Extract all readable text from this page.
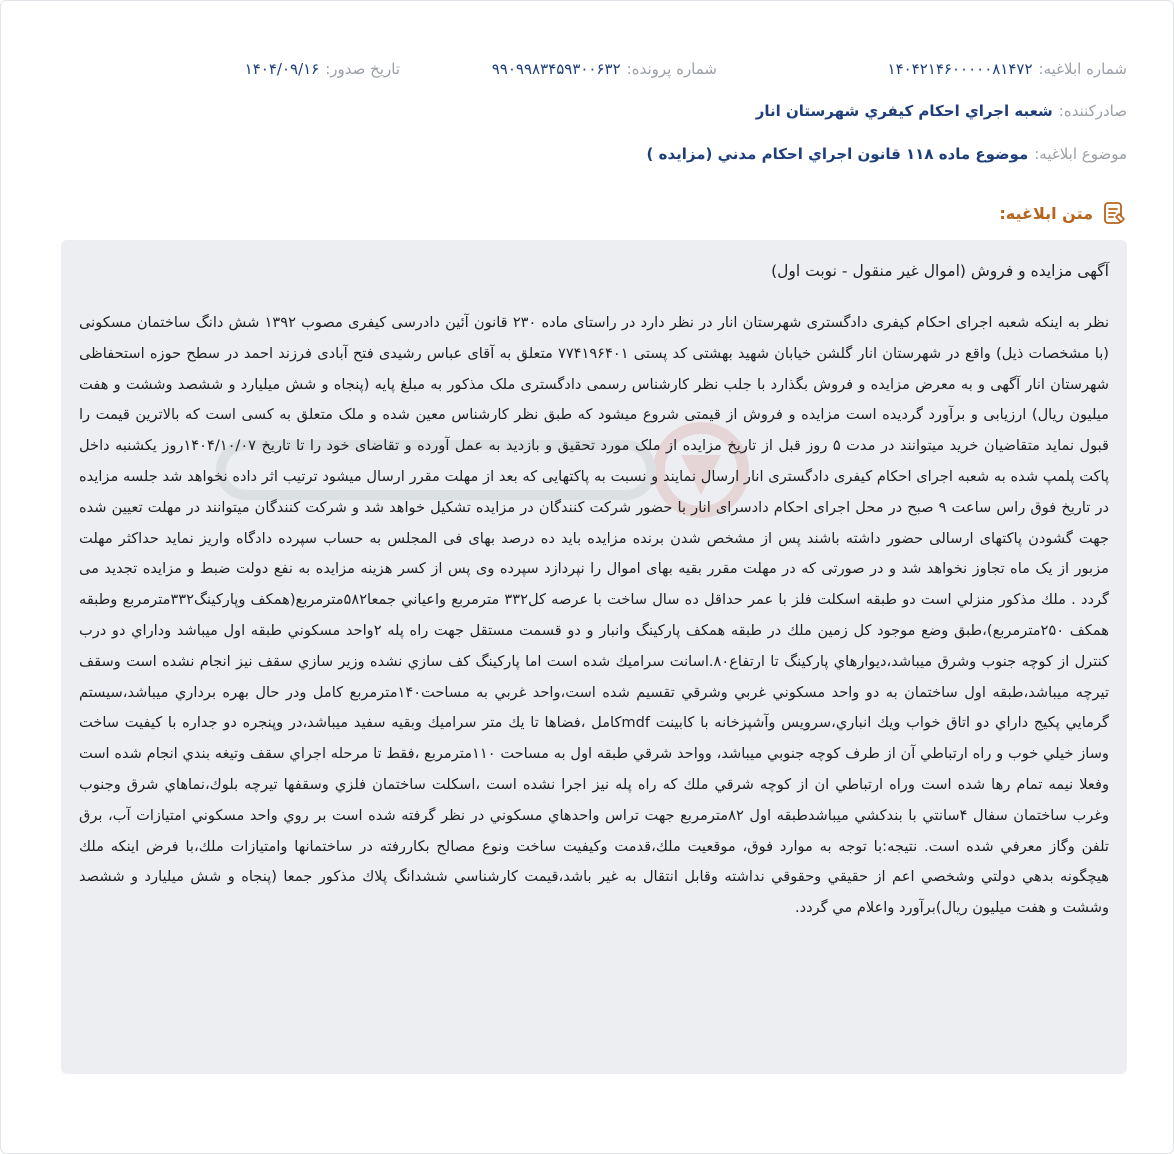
شماره ابلاغیه:
۱۴۰۴۲۱۴۶۰۰۰۰۰۸۱۴۷۲
شماره پرونده:
۹۹۰۹۹۸۳۴۵۹۳۰۰۶۳۲
تاریخ صدور:
۱۴۰۴/۰۹/۱۶
صادرکننده:
شعبه اجراي احكام كيفري شهرستان انار
موضوع ابلاغیه:
موضوع ماده ۱۱۸ قانون اجراي احكام مدني (مزايده )
متن ابلاغیه:
آگهی مزایده و فروش (اموال غیر منقول - نوبت اول)
نظر به اینکه شعبه اجرای احکام کیفری دادگستری شهرستان انار در نظر دارد در راستای ماده ۲۳۰ قانون آئین دادرسی کیفری مصوب ۱۳۹۲ شش دانگ ساختمان مسکونی (با مشخصات ذیل) واقع در شهرستان انار گلشن خیابان شهید بهشتی کد پستی ۷۷۴۱۹۶۴۰۱ متعلق به آقای عباس رشیدی فتح آبادی فرزند احمد در سطح حوزه استحفاظی شهرستان انار آگهی و به معرض مزایده و فروش بگذارد با جلب نظر کارشناس رسمی دادگستری ملک مذکور به مبلغ پایه (پنجاه و شش میلیارد و ششصد وششت و هفت میلیون ریال) ارزیابی و برآورد گردیده است مزایده و فروش از قیمتی شروع میشود که طبق نظر کارشناس معین شده و ملک متعلق به کسی است که بالاترین قیمت را قبول نماید متقاضیان خرید میتوانند در مدت ۵ روز قبل از تاریخ مزایده از ملک مورد تحقیق و بازدید به عمل آورده و تقاضای خود را تا تاریخ ۱۴۰۴/۱۰/۰۷روز یکشنبه داخل پاکت پلمپ شده به شعبه اجرای احکام کیفری دادگستری انار ارسال نمایند و نسبت به پاکتهایی که بعد از مهلت مقرر ارسال میشود ترتیب اثر داده نخواهد شد جلسه مزایده در تاریخ فوق راس ساعت ۹ صبح در محل اجرای احکام دادسرای انار با حضور شرکت کنندگان در مزایده تشکیل خواهد شد و شرکت کنندگان میتوانند در مهلت تعیین شده جهت گشودن پاکتهای ارسالی حضور داشته باشند پس از مشخص شدن برنده مزایده باید ده درصد بهای فی المجلس به حساب سپرده دادگاه واریز نماید حداکثر مهلت مزبور از یک ماه تجاوز نخواهد شد و در صورتی که در مهلت مقرر بقیه بهای اموال را نپردازد سپرده وی پس از کسر هزینه مزایده به نفع دولت ضبط و مزایده تجدید می گردد . ملك مذكور منزلي است دو طبقه اسكلت فلز با عمر حداقل ده سال ساخت با عرصه كل۳۳۲ مترمربع واعياني جمعا۵۸۲مترمربع(همكف وپاركينگ۳۳۲مترمربع وطبقه همكف ۲۵۰مترمربع)،طبق وضع موجود كل زمين ملك در طبقه همكف پاركينگ وانبار و دو قسمت مستقل جهت راه پله ۲واحد مسكوني طبقه اول ميباشد وداراي دو درب كنترل از كوچه جنوب وشرق ميباشد،ديوارهاي پاركينگ تا ارتفاع۸۰.اسانت سراميك شده است اما پاركينگ كف سازي نشده وزير سازي سقف نيز انجام نشده است وسقف تيرچه ميباشد،طبقه اول ساختمان به دو واحد مسكوني غربي وشرقي تقسيم شده است،واحد غربي به مساحت۱۴۰مترمربع كامل ودر حال بهره برداري ميباشد،سيستم گرمايي پكيج داراي دو اتاق خواب ويك انباري،سرويس وآشپزخانه با كابينت mdfكامل ،فضاها تا يك متر سراميك وبقيه سفيد ميباشد،در وپنجره دو جداره با كيفيت ساخت وساز خيلي خوب و راه ارتباطي آن از طرف كوچه جنوبي ميباشد، وواحد شرقي طبقه اول به مساحت ۱۱۰مترمربع ،فقط تا مرحله اجراي سقف وتيغه بندي انجام شده است وفعلا نيمه تمام رها شده است وراه ارتباطي ان از كوچه شرقي ملك كه راه پله نيز اجرا نشده است ،اسكلت ساختمان فلزي وسقفها تيرچه بلوك،نماهاي شرق وجنوب وغرب ساختمان سفال ۴سانتي با بندكشي ميباشدطبقه اول ۸۲مترمربع جهت تراس واحدهاي مسكوني در نظر گرفته شده است بر روي واحد مسكوني امتيازات آب، برق تلفن وگاز معرفي شده است. نتيجه:با توجه به موارد فوق، موقعيت ملك،قدمت وكيفيت ساخت ونوع مصالح بكاررفته در ساختمانها وامتيازات ملك،با فرض اينكه ملك هيچگونه بدهي دولتي وشخصي اعم از حقيقي وحقوقي نداشته وقابل انتقال به غير باشد،قيمت كارشناسي ششدانگ پلاك مذكور جمعا (پنجاه و شش میلیارد و ششصد وششت و هفت میلیون ریال)برآورد واعلام مي گردد.
